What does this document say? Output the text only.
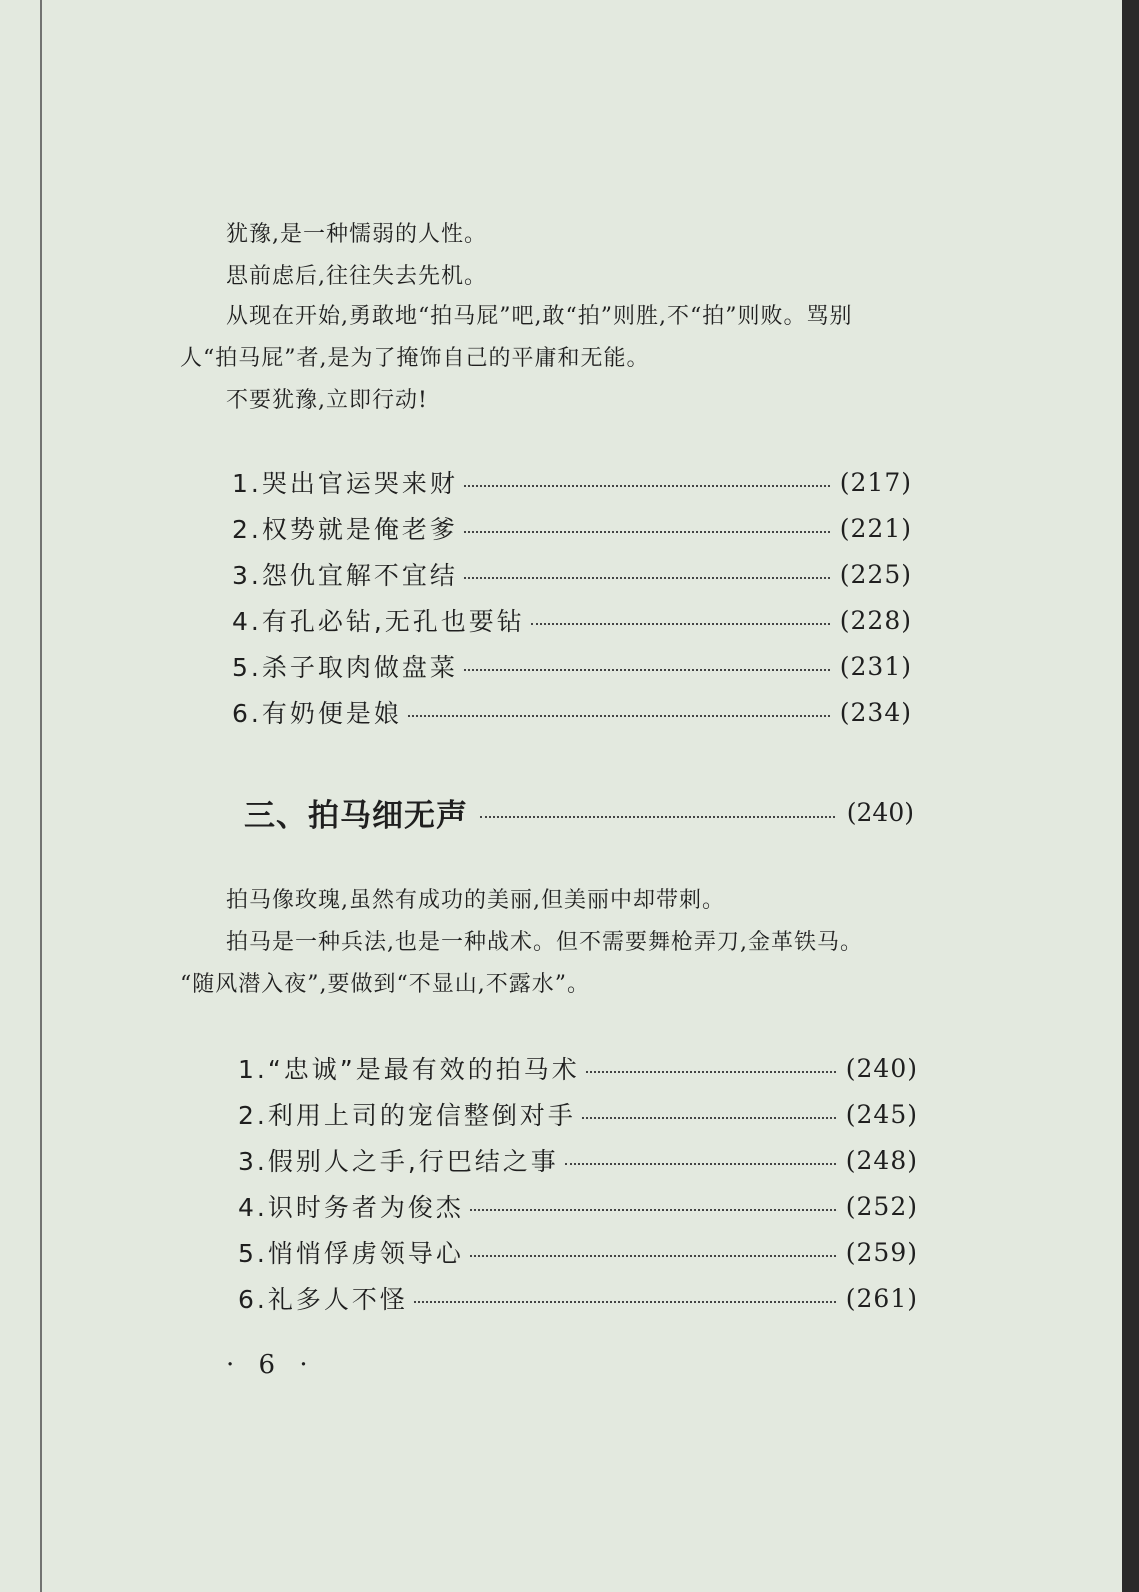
犹豫,是一种懦弱的人性。
思前虑后,往往失去先机。
从现在开始,勇敢地“拍马屁”吧,敢“拍”则胜,不“拍”则败。骂别
人“拍马屁”者,是为了掩饰自己的平庸和无能。
不要犹豫,立即行动!
1.哭出官运哭来财	(217)
2.权势就是俺老爹	(221)
3.怨仇宜解不宜结	(225)
4.有孔必钻,无孔也要钻	(228)
5.杀子取肉做盘菜	(231)
6.有奶便是娘	(234)
三、拍马细无声	(240)
拍马像玫瑰,虽然有成功的美丽,但美丽中却带刺。
拍马是一种兵法,也是一种战术。但不需要舞枪弄刀,金革铁马。
“随风潜入夜”,要做到“不显山,不露水”。
1.“忠诚”是最有效的拍马术	(240)
2.利用上司的宠信整倒对手	(245)
3.假别人之手,行巴结之事	(248)
4.识时务者为俊杰	(252)
5.悄悄俘虏领导心	(259)
6.礼多人不怪	(261)
· 6 ·
